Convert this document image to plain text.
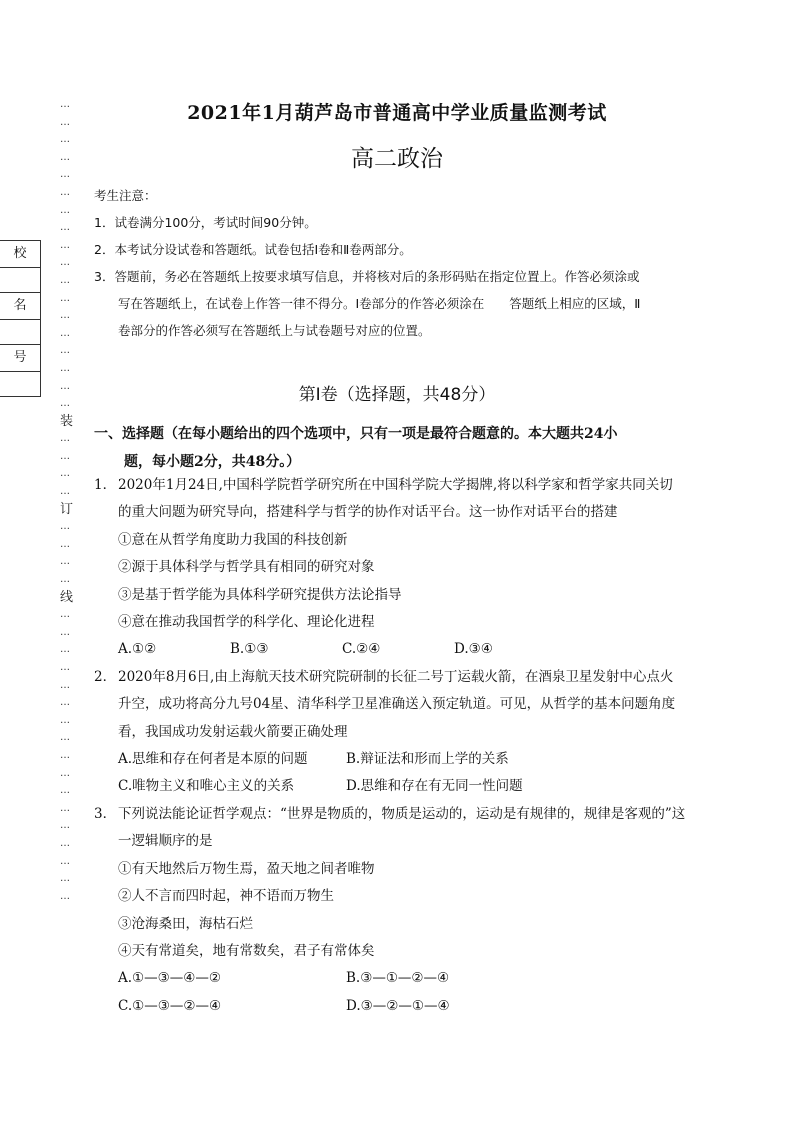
…
…
…
…
…
…
…
…
…
…
…
…
…
…
…
…
…
…
装
…
…
…
…
订
…
…
…
…
线
…
…
…
…
…
…
…
…
…
…
…
…
…
…
…
…
…
校
名
号
2021年1月葫芦岛市普通高中学业质量监测考试
高二政治
考生注意：
1．试卷满分100分，考试时间90分钟。
2．本考试分设试卷和答题纸。试卷包括Ⅰ卷和Ⅱ卷两部分。
3．答题前，务必在答题纸上按要求填写信息，并将核对后的条形码贴在指定位置上。作答必须涂或
写在答题纸上，在试卷上作答一律不得分。Ⅰ卷部分的作答必须涂在　　答题纸上相应的区域，Ⅱ
卷部分的作答必须写在答题纸上与试卷题号对应的位置。
第Ⅰ卷（选择题，共48分）
一、选择题（在每小题给出的四个选项中，只有一项是最符合题意的。本大题共24小
题，每小题2分，共48分。）
1． 2020年1月24日,中国科学院哲学研究所在中国科学院大学揭牌,将以科学家和哲学家共同关切
的重大问题为研究导向，搭建科学与哲学的协作对话平台。这一协作对话平台的搭建
①意在从哲学角度助力我国的科技创新
②源于具体科学与哲学具有相同的研究对象
③是基于哲学能为具体科学研究提供方法论指导
④意在推动我国哲学的科学化、理论化进程
A.①②	B.①③	C.②④	D.③④
2． 2020年8月6日,由上海航天技术研究院研制的长征二号丁运载火箭，在酒泉卫星发射中心点火
升空，成功将高分九号04星、清华科学卫星准确送入预定轨道。可见，从哲学的基本问题角度
看，我国成功发射运载火箭要正确处理
A.思维和存在何者是本原的问题	B.辩证法和形而上学的关系
C.唯物主义和唯心主义的关系	D.思维和存在有无同一性问题
3． 下列说法能论证哲学观点：“世界是物质的，物质是运动的，运动是有规律的，规律是客观的”这
一逻辑顺序的是
①有天地然后万物生焉，盈天地之间者唯物
②人不言而四时起，神不语而万物生
③沧海桑田，海枯石烂
④天有常道矣，地有常数矣，君子有常体矣
A.①—③—④—②	B.③—①—②—④
C.①—③—②—④	D.③—②—①—④
